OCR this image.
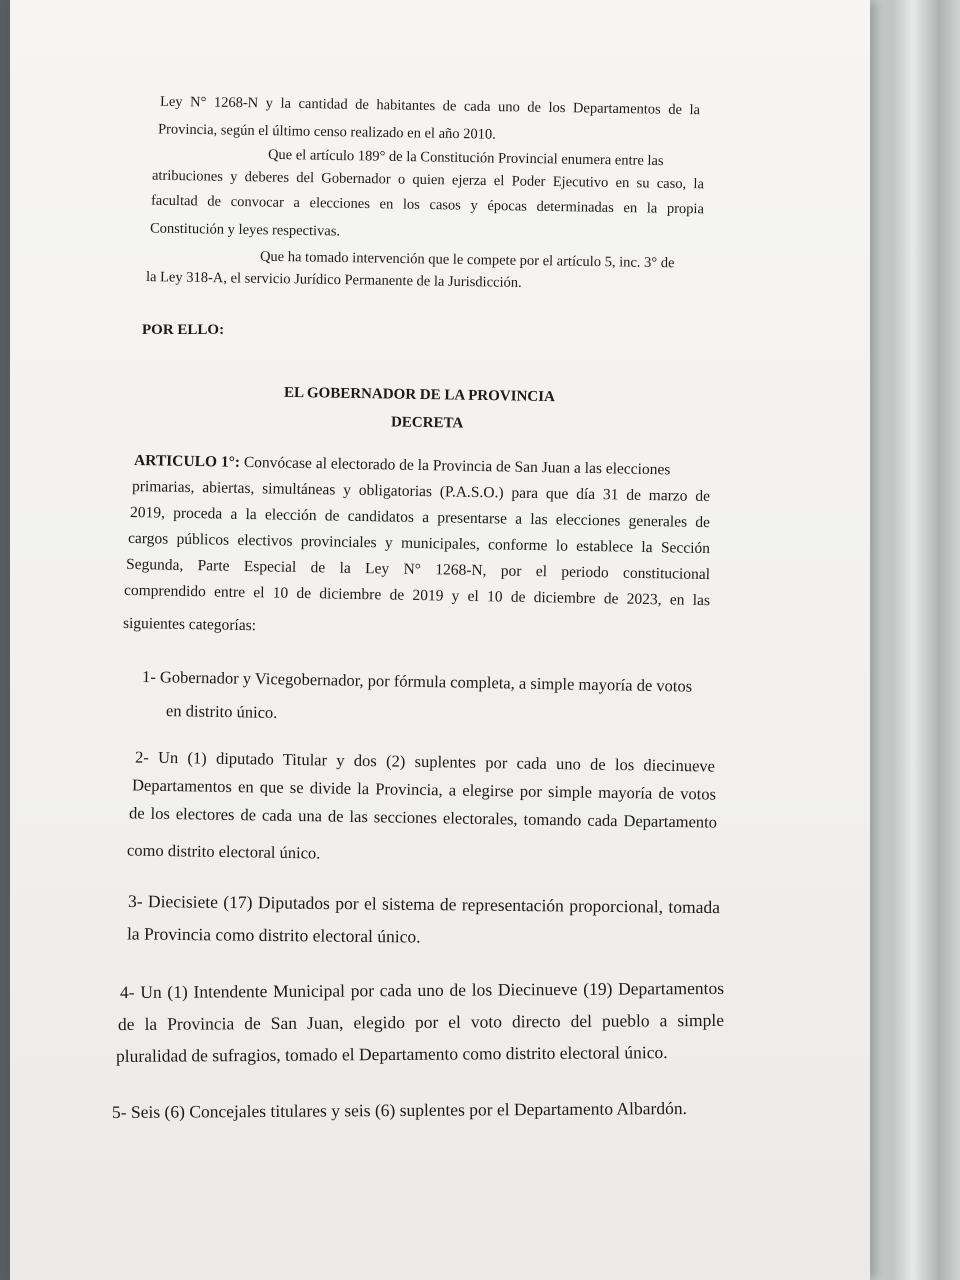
Ley N° 1268-N y la cantidad de habitantes de cada uno de los Departamentos de la
Provincia, según el último censo realizado en el año 2010.
Que el artículo 189° de la Constitución Provincial enumera entre las
atribuciones y deberes del Gobernador o quien ejerza el Poder Ejecutivo en su caso, la
facultad de convocar a elecciones en los casos y épocas determinadas en la propia
Constitución y leyes respectivas.
Que ha tomado intervención que le compete por el artículo 5, inc. 3° de
la Ley 318-A, el servicio Jurídico Permanente de la Jurisdicción.
POR ELLO:
EL GOBERNADOR DE LA PROVINCIA
DECRETA
ARTICULO 1°: Convócase al electorado de la Provincia de San Juan a las elecciones
primarias, abiertas, simultáneas y obligatorias (P.A.S.O.) para que día 31 de marzo de
2019, proceda a la elección de candidatos a presentarse a las elecciones generales de
cargos públicos electivos provinciales y municipales, conforme lo establece la Sección
Segunda, Parte Especial de la Ley N° 1268-N, por el periodo constitucional
comprendido entre el 10 de diciembre de 2019 y el 10 de diciembre de 2023, en las
siguientes categorías:
1- Gobernador y Vicegobernador, por fórmula completa, a simple mayoría de votos
en distrito único.
2- Un (1) diputado Titular y dos (2) suplentes por cada uno de los diecinueve
Departamentos en que se divide la Provincia, a elegirse por simple mayoría de votos
de los electores de cada una de las secciones electorales, tomando cada Departamento
como distrito electoral único.
3- Diecisiete (17) Diputados por el sistema de representación proporcional, tomada
la Provincia como distrito electoral único.
4- Un (1) Intendente Municipal por cada uno de los Diecinueve (19) Departamentos
de la Provincia de San Juan, elegido por el voto directo del pueblo a simple
pluralidad de sufragios, tomado el Departamento como distrito electoral único.
5- Seis (6) Concejales titulares y seis (6) suplentes por el Departamento Albardón.
